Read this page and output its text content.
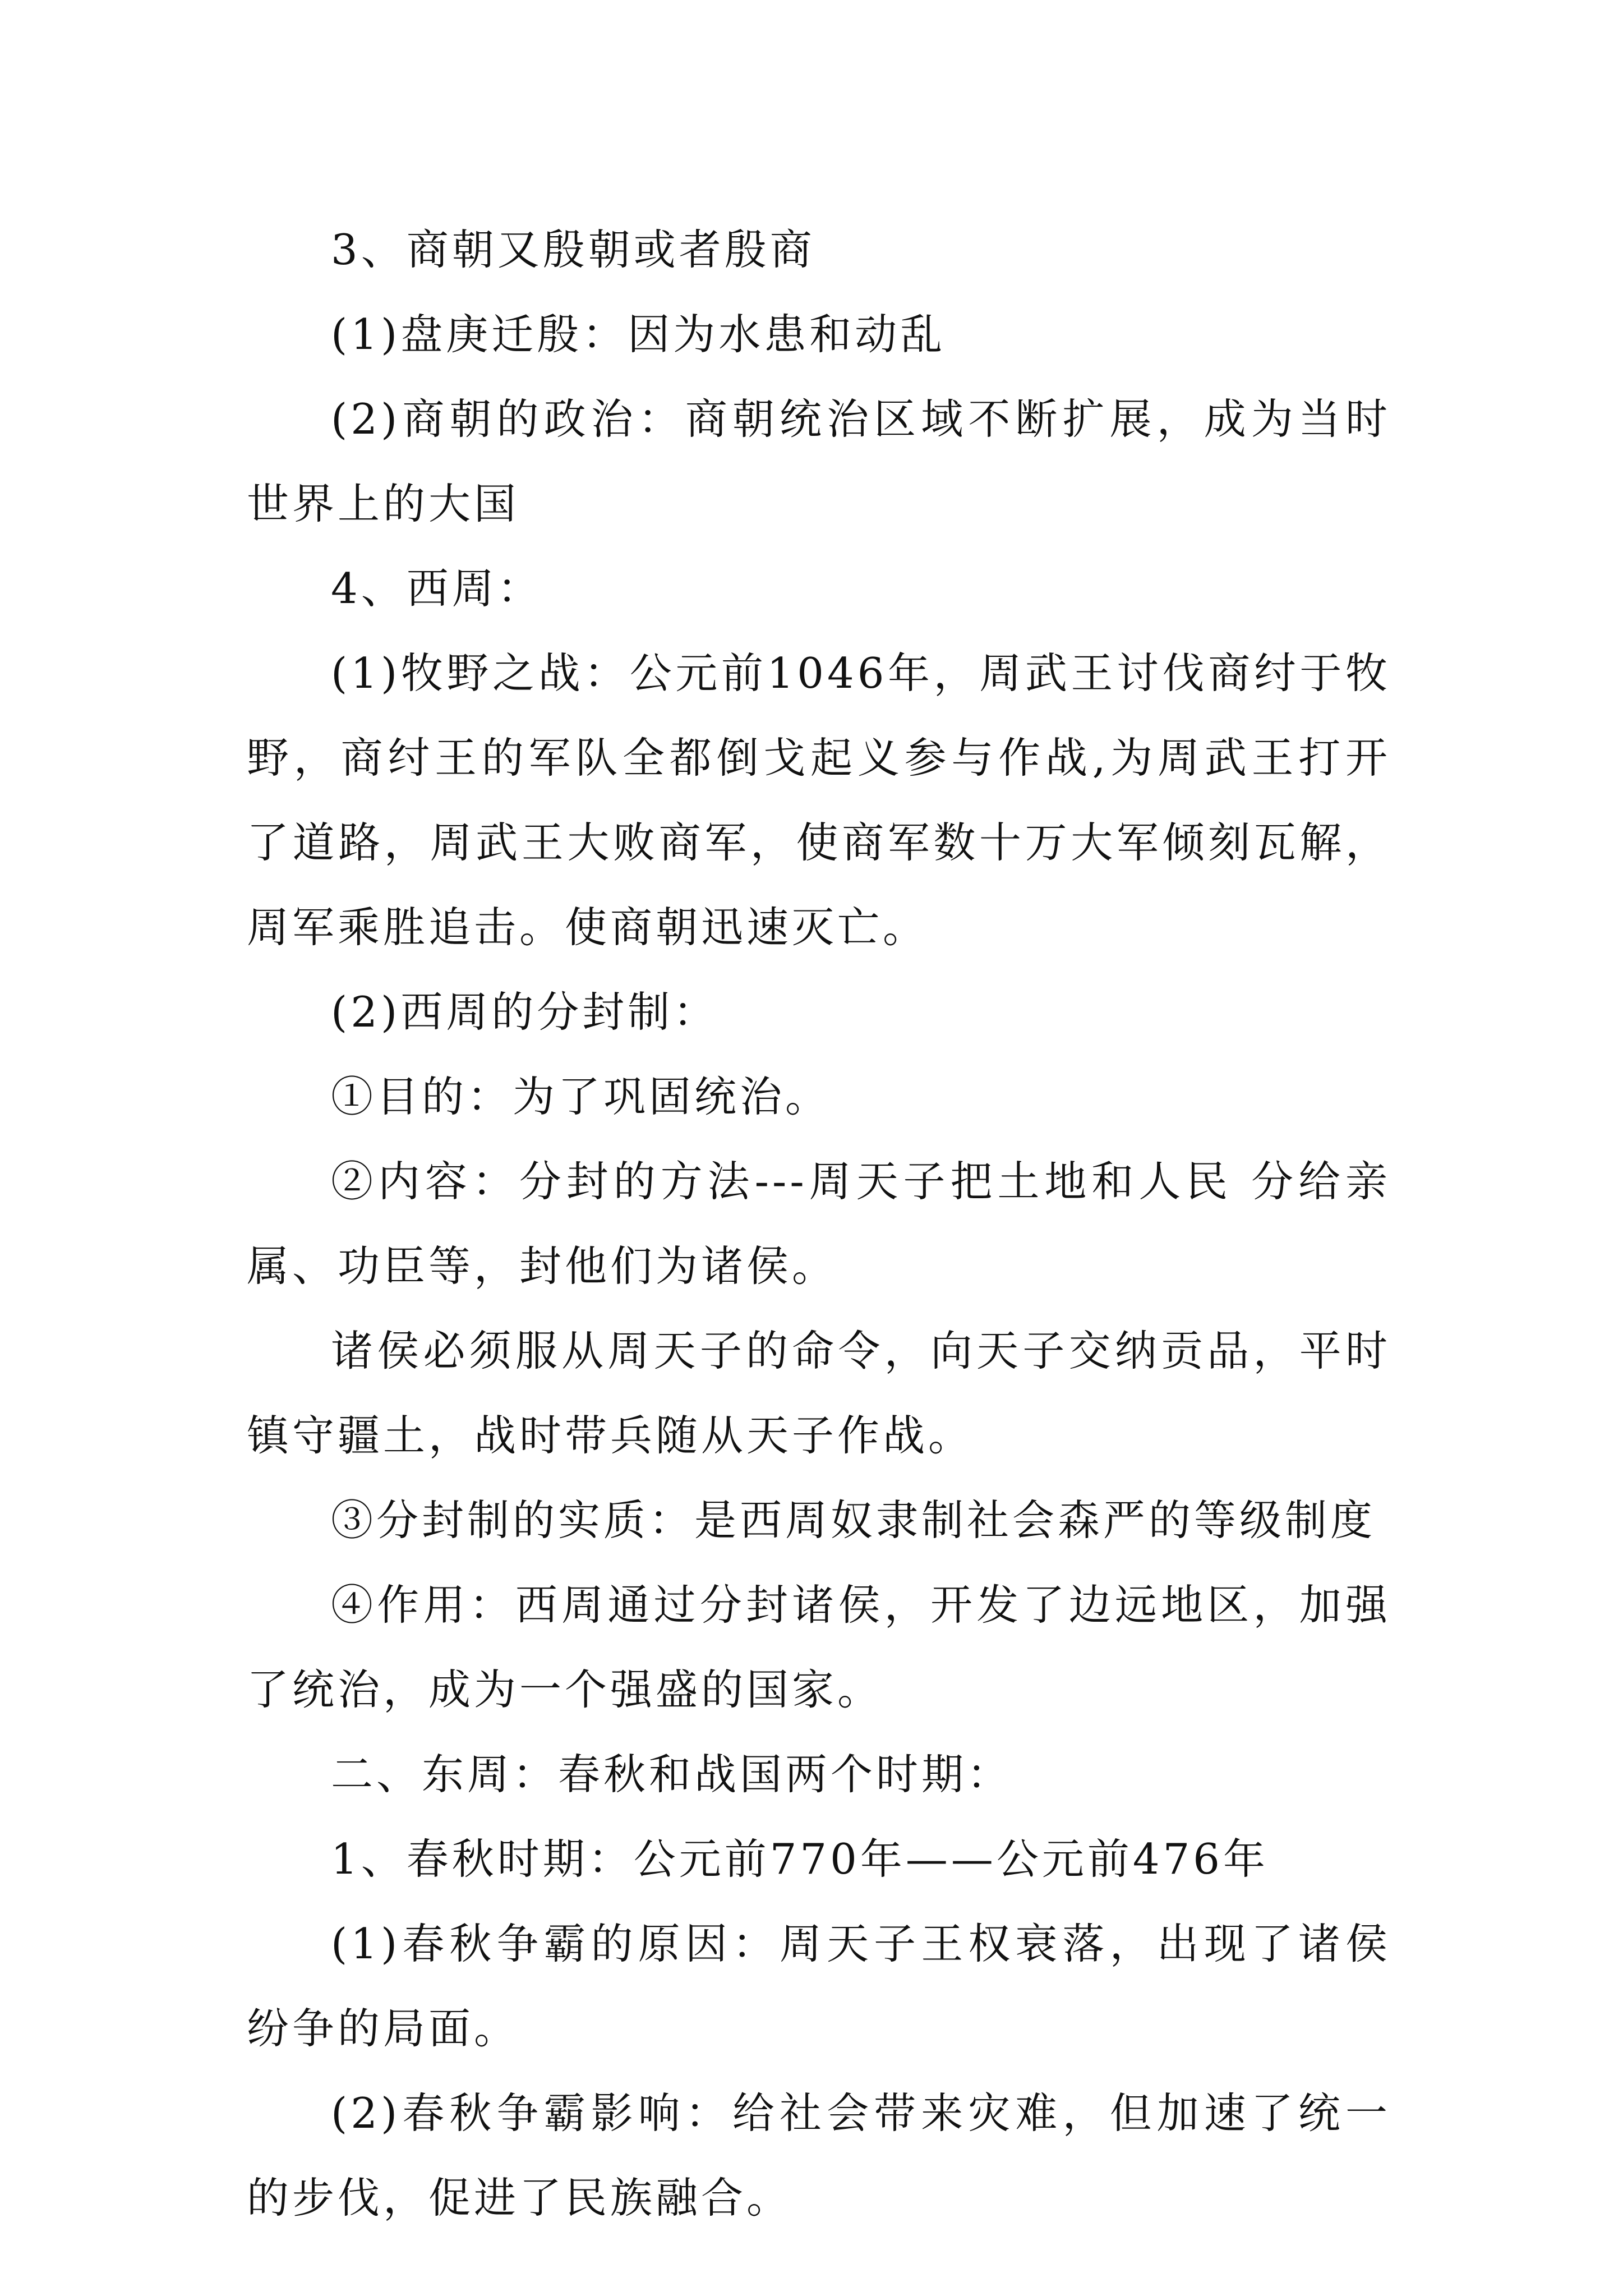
3、商朝又殷朝或者殷商

(1)盘庚迁殷：因为水患和动乱

(2)商朝的政治：商朝统治区域不断扩展，成为当时世界上的大国

4、西周：

(1)牧野之战：公元前1046年，周武王讨伐商纣于牧野，商纣王的军队全都倒戈起义参与作战,为周武王打开了道路，周武王大败商军，使商军数十万大军倾刻瓦解，周军乘胜追击。使商朝迅速灭亡。

(2)西周的分封制：

①目的：为了巩固统治。

②内容：分封的方法---周天子把土地和人民 分给亲属、功臣等，封他们为诸侯。

诸侯必须服从周天子的命令，向天子交纳贡品，平时镇守疆土，战时带兵随从天子作战。

③分封制的实质：是西周奴隶制社会森严的等级制度

④作用：西周通过分封诸侯，开发了边远地区，加强了统治，成为一个强盛的国家。

二、东周：春秋和战国两个时期：

1、春秋时期：公元前770年——公元前476年

(1)春秋争霸的原因：周天子王权衰落，出现了诸侯纷争的局面。

(2)春秋争霸影响：给社会带来灾难，但加速了统一的步伐，促进了民族融合。
